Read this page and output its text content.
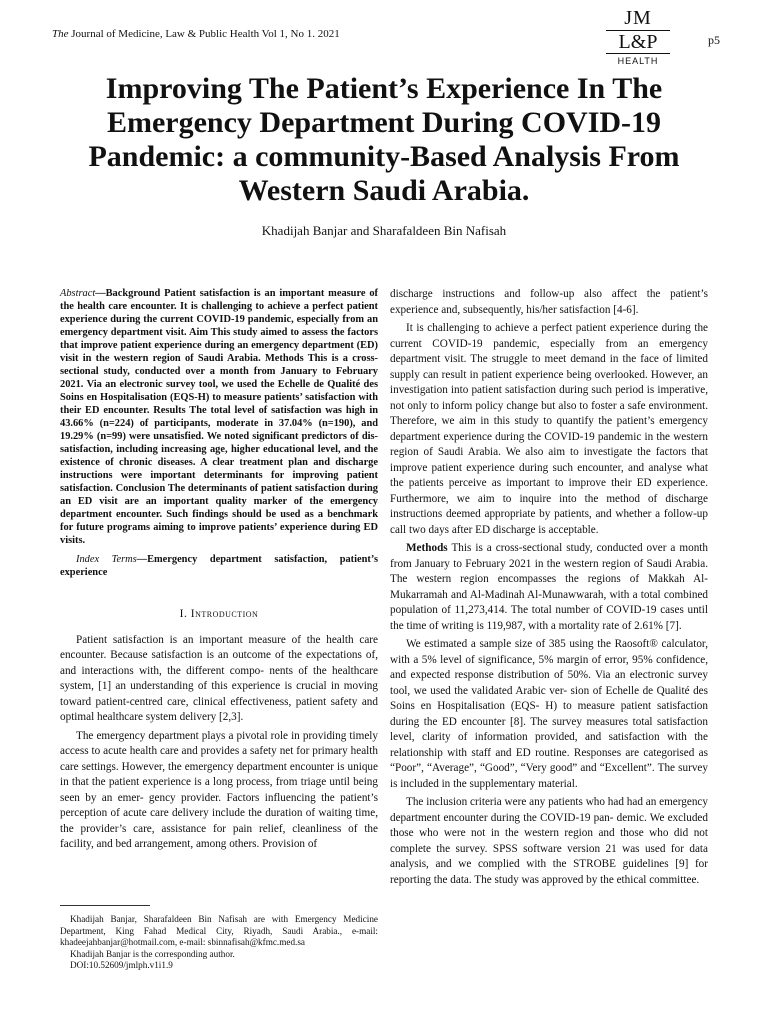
The Journal of Medicine, Law & Public Health Vol 1, No 1. 2021
JM
L&P
HEALTH
p5
Improving The Patient’s Experience In The Emergency Department During COVID-19 Pandemic: a community-Based Analysis From Western Saudi Arabia.
Khadijah Banjar and Sharafaldeen Bin Nafisah

Abstract—Background Patient satisfaction is an important measure of the health care encounter. It is challenging to achieve a perfect patient experience during the current COVID-19 pandemic, especially from an emergency department visit. Aim This study aimed to assess the factors that improve patient experience during an emergency department (ED) visit in the western region of Saudi Arabia. Methods This is a cross-sectional study, conducted over a month from January to February 2021. Via an electronic survey tool, we used the Echelle de Qualité des Soins en Hospitalisation (EQS-H) to measure patients’ satisfaction with their ED encounter. Results The total level of satisfaction was high in 43.66% (n=224) of participants, moderate in 37.04% (n=190), and 19.29% (n=99) were unsatisfied. We noted significant predictors of dis- satisfaction, including increasing age, higher educational level, and the existence of chronic diseases. A clear treatment plan and discharge instructions were important determinants for improving patient satisfaction. Conclusion The determinants of patient satisfaction during an ED visit are an important quality marker of the emergency department encounter. Such findings should be used as a benchmark for future programs aiming to improve patients’ experience during ED visits.

Index Terms—Emergency department satisfaction, patient’s experience

I. Introduction

Patient satisfaction is an important measure of the health care encounter. Because satisfaction is an outcome of the expectations of, and interactions with, the different compo- nents of the healthcare system, [1] an understanding of this experience is crucial in moving toward patient-centred care, clinical effectiveness, patient safety and optimal healthcare system delivery [2,3].

The emergency department plays a pivotal role in providing timely access to acute health care and provides a safety net for primary health care settings. However, the emergency department encounter is unique in that the patient experience is a long process, from triage until being seen by an emer- gency provider. Factors influencing the patient’s perception of acute care delivery include the duration of waiting time, the provider’s care, assistance for pain relief, cleanliness of the facility, and bed arrangement, among others. Provision of

discharge instructions and follow-up also affect the patient’s experience and, subsequently, his/her satisfaction [4-6].

It is challenging to achieve a perfect patient experience during the current COVID-19 pandemic, especially from an emergency department visit. The struggle to meet demand in the face of limited supply can result in patient experience being overlooked. However, an investigation into patient satisfaction during such period is imperative, not only to inform policy change but also to foster a safe environment. Therefore, we aim in this study to quantify the patient’s emergency department experience during the COVID-19 pandemic in the western region of Saudi Arabia. We also aim to investigate the factors that improve patient experience during such encounter, and analyse what the patients perceive as important to improve their ED experience. Furthermore, we aim to inquire into the method of discharge instructions deemed appropriate by patients, and whether a follow-up call two days after ED discharge is acceptable.

Methods This is a cross-sectional study, conducted over a month from January to February 2021 in the western region of Saudi Arabia. The western region encompasses the regions of Makkah Al-Mukarramah and Al-Madinah Al-Munawwarah, with a total combined population of 11,273,414. The total number of COVID-19 cases until the time of writing is 119,987, with a mortality rate of 2.61% [7].

We estimated a sample size of 385 using the Raosoft® calculator, with a 5% level of significance, 5% margin of error, 95% confidence, and expected response distribution of 50%. Via an electronic survey tool, we used the validated Arabic ver- sion of Echelle de Qualité des Soins en Hospitalisation (EQS- H) to measure patient satisfaction during the ED encounter [8]. The survey measures total satisfaction level, clarity of information provided, and satisfaction with the relationship with staff and ED routine. Responses are categorised as “Poor”, “Average”, “Good”, “Very good” and “Excellent”. The survey is included in the supplementary material.

The inclusion criteria were any patients who had had an emergency department encounter during the COVID-19 pan- demic. We excluded those who were not in the western region and those who did not complete the survey. SPSS software version 21 was used for data analysis, and we complied with the STROBE guidelines [9] for reporting the data. The study was approved by the ethical committee.

Khadijah Banjar, Sharafaldeen Bin Nafisah are with Emergency Medicine Department, King Fahad Medical City, Riyadh, Saudi Arabia., e-mail: khadeejahbanjar@hotmail.com, e-mail: sbinnafisah@kfmc.med.sa

Khadijah Banjar is the corresponding author.

DOI:10.52609/jmlph.v1i1.9
